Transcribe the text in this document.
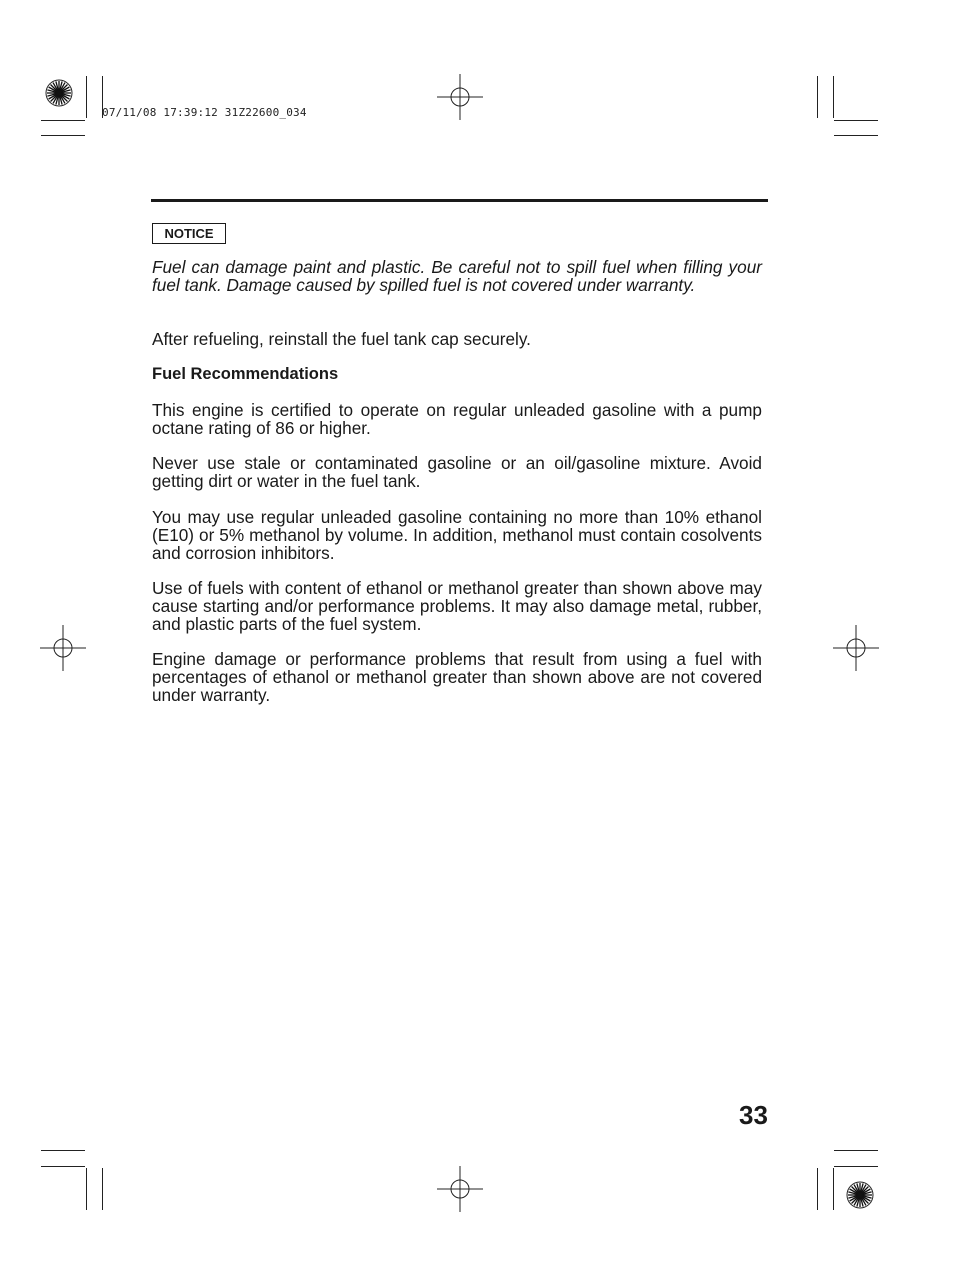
07/11/08 17:39:12 31Z22600_034
NOTICE
Fuel can damage paint and plastic. Be careful not to spill fuel when filling your fuel tank. Damage caused by spilled fuel is not covered under warranty.
After refueling, reinstall the fuel tank cap securely.
Fuel Recommendations
This engine is certified to operate on regular unleaded gasoline with a pump octane rating of 86 or higher.
Never use stale or contaminated gasoline or an oil/gasoline mixture. Avoid getting dirt or water in the fuel tank.
You may use regular unleaded gasoline containing no more than 10% ethanol (E10) or 5% methanol by volume. In addition, methanol must contain cosolvents and corrosion inhibitors.
Use of fuels with content of ethanol or methanol greater than shown above may cause starting and/or performance problems. It may also damage metal, rubber, and plastic parts of the fuel system.
Engine damage or performance problems that result from using a fuel with percentages of ethanol or methanol greater than shown above are not covered under warranty.
33
